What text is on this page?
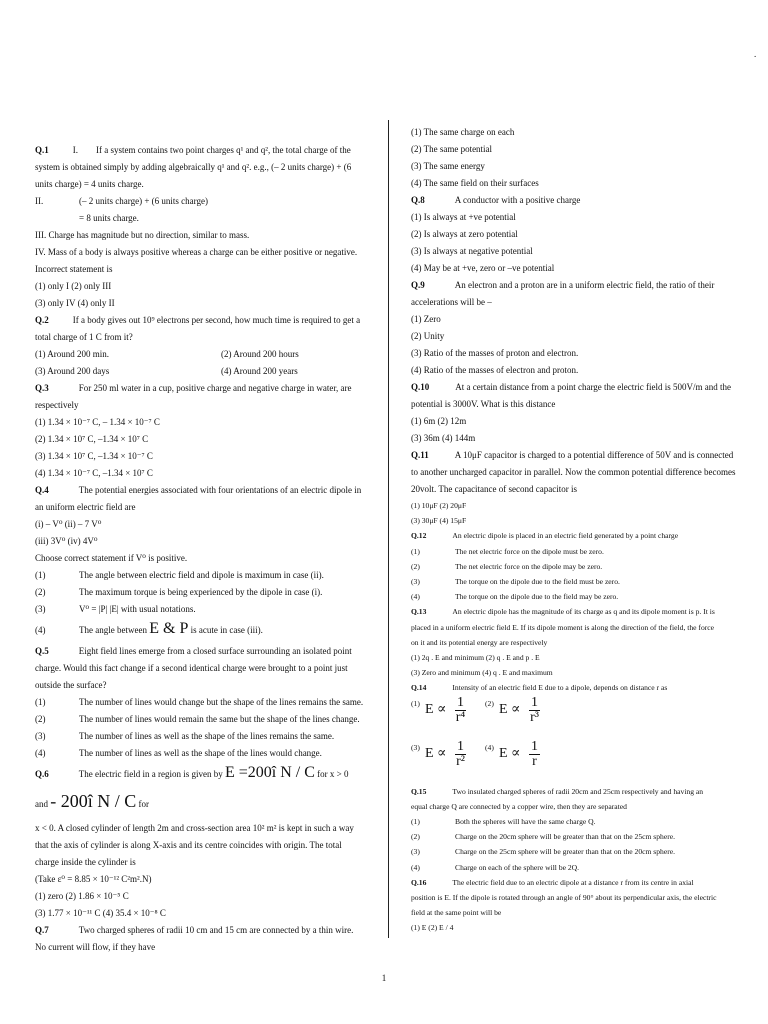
.

Q.1	I. If a system contains two point charges q¹ and q², the total charge of the

system is obtained simply by adding algebraically q¹ and q². e.g., (– 2 units charge) + (6

units charge) = 4 units charge.

II.	(– 2 units charge) + (6 units charge)

= 8 units charge.

III. Charge has magnitude but no direction, similar to mass.

IV. Mass of a body is always positive whereas a charge can be either positive or negative.

Incorrect statement is

(1) only I (2) only III

(3) only IV (4) only II

Q.2	If a body gives out 10⁹ electrons per second, how much time is required to get a

total charge of 1 C from it?

(1) Around 200 min.	(2) Around 200 hours

(3) Around 200 days	(4) Around 200 years

Q.3	For 250 ml water in a cup, positive charge and negative charge in water, are

respectively

(1) 1.34 × 10⁻⁷ C, – 1.34 × 10⁻⁷ C

(2) 1.34 × 10⁷ C, –1.34 × 10⁷ C

(3) 1.34 × 10⁷ C, –1.34 × 10⁻⁷ C

(4) 1.34 × 10⁻⁷ C, –1.34 × 10⁷ C

Q.4	The potential energies associated with four orientations of an electric dipole in

an uniform electric field are

(i) – V⁰ (ii) – 7 V⁰

(iii) 3V⁰ (iv) 4V⁰

Choose correct statement if V⁰ is positive.

(1)	The angle between electric field and dipole is maximum in case (ii).

(2)	The maximum torque is being experienced by the dipole in case (i).

(3)	V⁰ = |P| |E| with usual notations.

(4)	The angle between E & P is acute in case (iii).

Q.5	Eight field lines emerge from a closed surface surrounding an isolated point

charge. Would this fact change if a second identical charge were brought to a point just

outside the surface?

(1)	The number of lines would change but the shape of the lines remains the same.

(2)	The number of lines would remain the same but the shape of the lines change.

(3)	The number of lines as well as the shape of the lines remains the same.

(4)	The number of lines as well as the shape of the lines would change.

Q.6	The electric field in a region is given by E =200î N / C for x > 0

and - 200î N / C for

x < 0. A closed cylinder of length 2m and cross-section area 10² m² is kept in such a way

that the axis of cylinder is along X-axis and its centre coincides with origin. The total

charge inside the cylinder is

(Take ε⁰ = 8.85 × 10⁻¹² C²m².N)

(1) zero (2) 1.86 × 10⁻⁵ C

(3) 1.77 × 10⁻¹¹ C (4) 35.4 × 10⁻⁸ C

Q.7	Two charged spheres of radii 10 cm and 15 cm are connected by a thin wire.

No current will flow, if they have

(1) The same charge on each

(2) The same potential

(3) The same energy

(4) The same field on their surfaces

Q.8	A conductor with a positive charge

(1) Is always at +ve potential

(2) Is always at zero potential

(3) Is always at negative potential

(4) May be at +ve, zero or –ve potential

Q.9	An electron and a proton are in a uniform electric field, the ratio of their

accelerations will be –

(1) Zero

(2) Unity

(3) Ratio of the masses of proton and electron.

(4) Ratio of the masses of electron and proton.

Q.10	At a certain distance from a point charge the electric field is 500V/m and the

potential is 3000V. What is this distance

(1) 6m (2) 12m

(3) 36m (4) 144m

Q.11	A 10μF capacitor is charged to a potential difference of 50V and is connected

to another uncharged capacitor in parallel. Now the common potential difference becomes

20volt. The capacitance of second capacitor is

(1) 10μF (2) 20μF

(3) 30μF (4) 15μF

Q.12	An electric dipole is placed in an electric field generated by a point charge

(1)	The net electric force on the dipole must be zero.

(2)	The net electric force on the dipole may be zero.

(3)	The torque on the dipole due to the field must be zero.

(4)	The torque on the dipole due to the field may be zero.

Q.13	An electric dipole has the magnitude of its charge as q and its dipole moment is p. It is

placed in a uniform electric field E. If its dipole moment is along the direction of the field, the force

on it and its potential energy are respectively

(1) 2q . E and minimum (2) q . E and p . E

(3) Zero and minimum (4) q . E and maximum

Q.14	Intensity of an electric field E due to a dipole, depends on distance r as

(1) $E \propto \frac{1}{\text{r⁴}}$	(2) $E \propto \frac{1}{\text{r³}}$
(3) $E \propto \frac{1}{\text{r²}}$	(4) $E \propto \frac{1}{r}$

Q.15	Two insulated charged spheres of radii 20cm and 25cm respectively and having an

equal charge Q are connected by a copper wire, then they are separated

(1)	Both the spheres will have the same charge Q.

(2)	Charge on the 20cm sphere will be greater than that on the 25cm sphere.

(3)	Charge on the 25cm sphere will be greater than that on the 20cm sphere.

(4)	Charge on each of the sphere will be 2Q.

Q.16	The electric field due to an electric dipole at a distance r from its centre in axial

position is E. If the dipole is rotated through an angle of 90° about its perpendicular axis, the electric

field at the same point will be

(1) E (2) E / 4

1
